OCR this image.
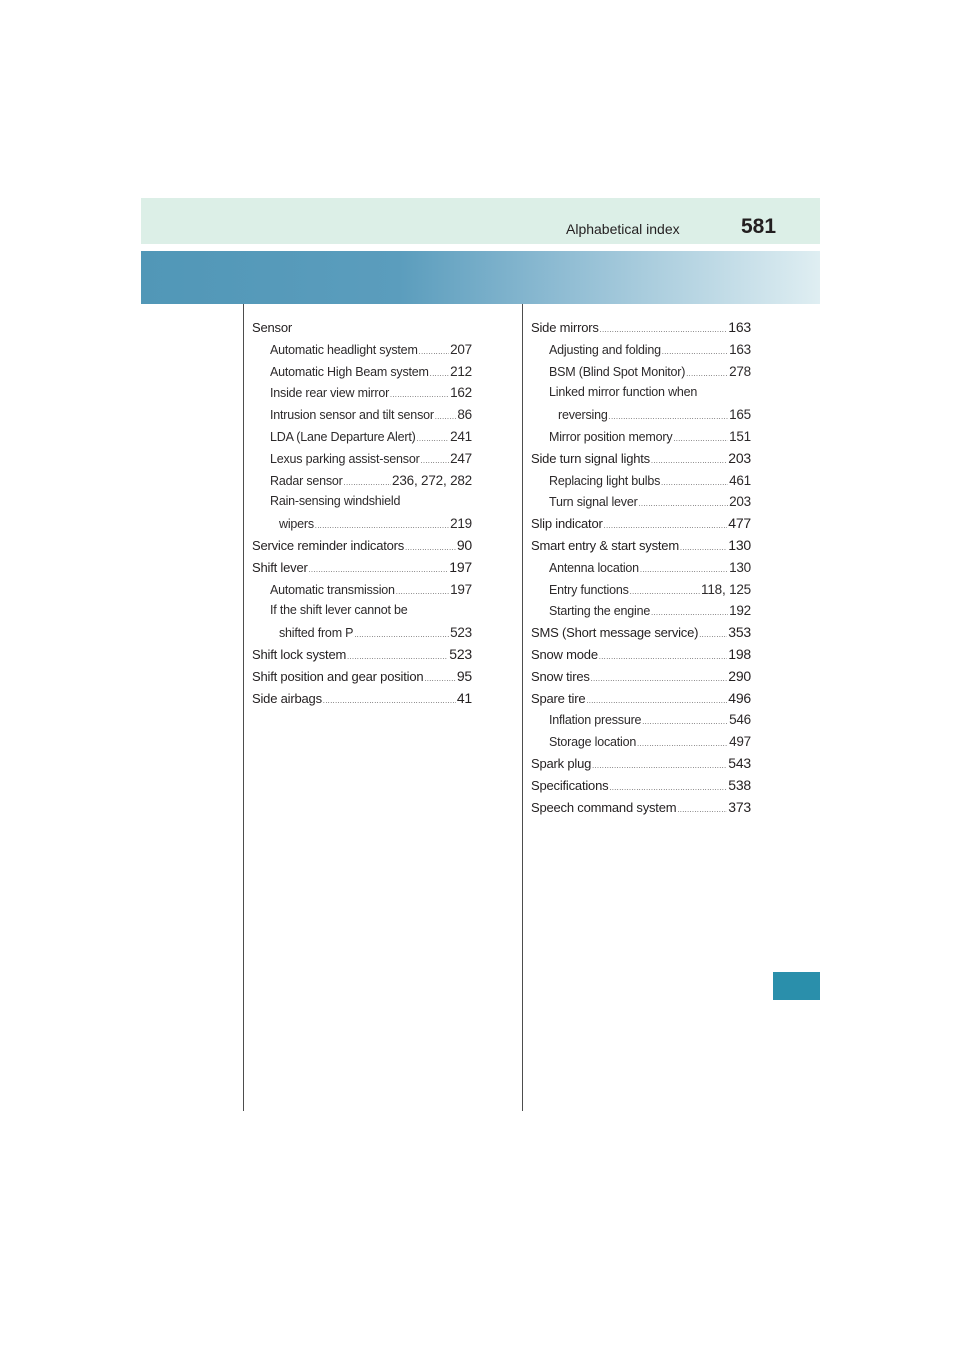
Alphabetical index	581
Sensor
Automatic headlight system ..... 207
Automatic High Beam system ..... 212
Inside rear view mirror .....	162
Intrusion sensor and tilt sensor ..... 86
LDA (Lane Departure Alert) .....	241
Lexus parking assist-sensor ..... 247
Radar sensor .....	236, 272, 282
Rain-sensing windshield
wipers .....	219
Service reminder indicators .....	90
Shift lever .....	197
Automatic transmission .....	197
If the shift lever cannot be
shifted from P .....	523
Shift lock system .....	523
Shift position and gear position ..... 95
Side airbags .....	41
Side mirrors .....	163
Adjusting and folding .....	163
BSM (Blind Spot Monitor) .....	278
Linked mirror function when
reversing .....	165
Mirror position memory .....	151
Side turn signal lights .....	203
Replacing light bulbs .....	461
Turn signal lever .....	203
Slip indicator .....	477
Smart entry & start system .....	130
Antenna location .....	130
Entry functions .....	118, 125
Starting the engine .....	192
SMS (Short message service) ..... 353
Snow mode .....	198
Snow tires .....	290
Spare tire .....	496
Inflation pressure .....	546
Storage location .....	497
Spark plug .....	543
Specifications .....	538
Speech command system .....	373
